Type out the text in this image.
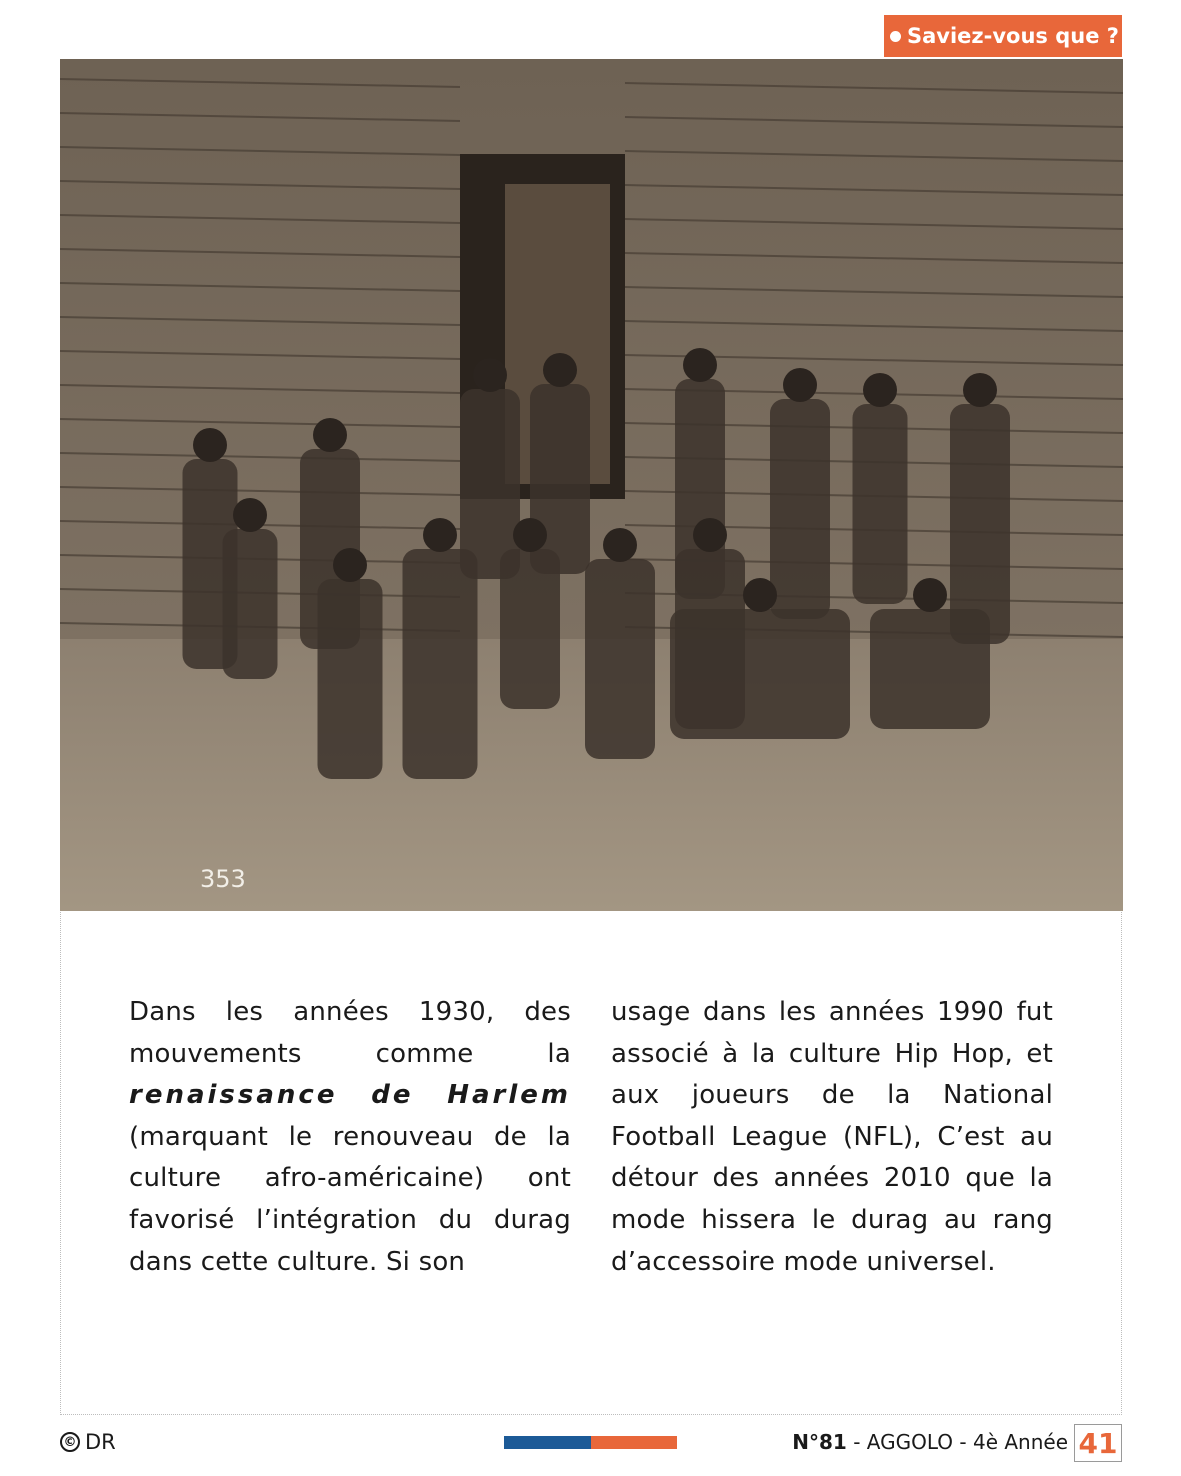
Saviez-vous que ?
353
Dans les années 1930, des mouvements comme la renaissance de Harlem (marquant le renouveau de la culture afro-américaine) ont favorisé l’intégration du durag dans cette culture. Si son
usage dans les années 1990 fut associé à la culture Hip Hop, et aux joueurs de la National Football League (NFL), C’est au détour des années 2010 que la mode hissera le durag au rang d’accessoire mode universel.
© DR	N°81 - AGGOLO - 4è Année 41
